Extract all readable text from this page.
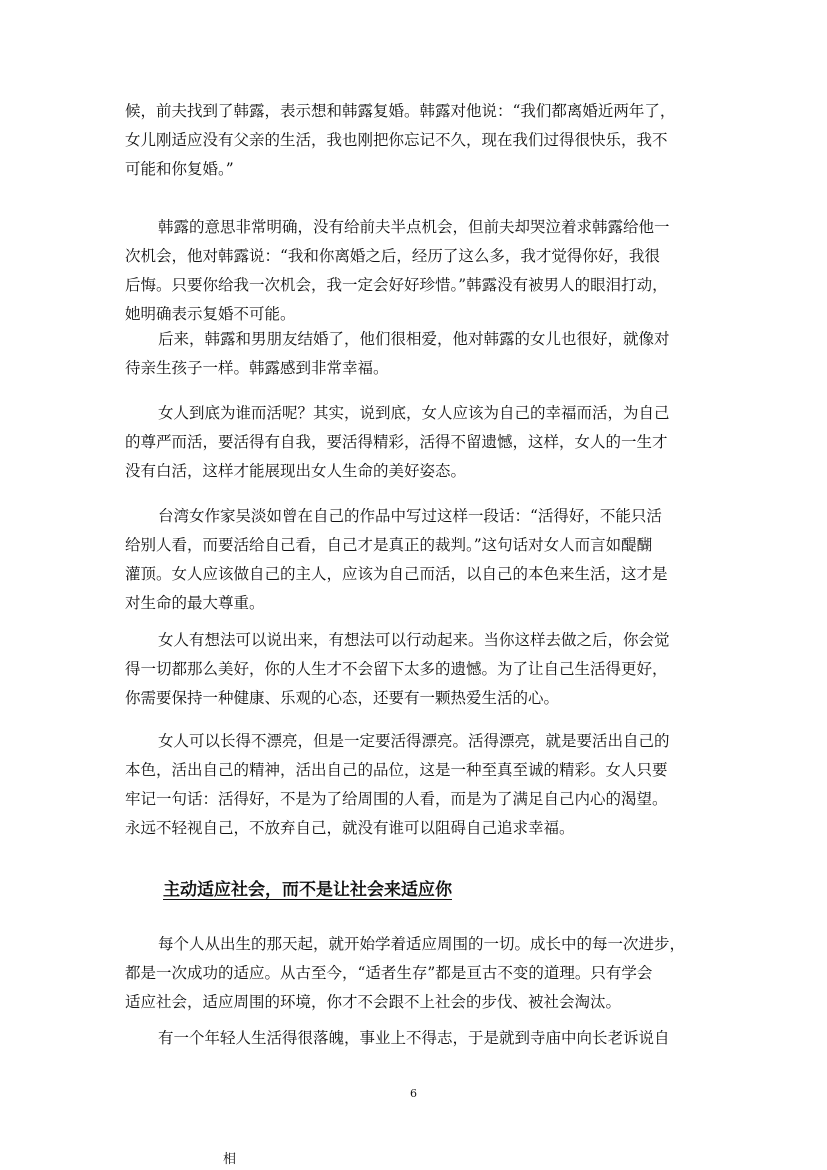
候，前夫找到了韩露，表示想和韩露复婚。韩露对他说：“我们都离婚近两年了，
女儿刚适应没有父亲的生活，我也刚把你忘记不久，现在我们过得很快乐，我不
可能和你复婚。”

韩露的意思非常明确，没有给前夫半点机会，但前夫却哭泣着求韩露给他一
次机会，他对韩露说：“我和你离婚之后，经历了这么多，我才觉得你好，我很
后悔。只要你给我一次机会，我一定会好好珍惜。”韩露没有被男人的眼泪打动，
她明确表示复婚不可能。

后来，韩露和男朋友结婚了，他们很相爱，他对韩露的女儿也很好，就像对
待亲生孩子一样。韩露感到非常幸福。

女人到底为谁而活呢？其实，说到底，女人应该为自己的幸福而活，为自己
的尊严而活，要活得有自我，要活得精彩，活得不留遗憾，这样，女人的一生才
没有白活，这样才能展现出女人生命的美好姿态。

台湾女作家吴淡如曾在自己的作品中写过这样一段话：“活得好，不能只活
给别人看，而要活给自己看，自己才是真正的裁判。”这句话对女人而言如醍醐
灌顶。女人应该做自己的主人，应该为自己而活，以自己的本色来生活，这才是
对生命的最大尊重。

女人有想法可以说出来，有想法可以行动起来。当你这样去做之后，你会觉
得一切都那么美好，你的人生才不会留下太多的遗憾。为了让自己生活得更好，
你需要保持一种健康、乐观的心态，还要有一颗热爱生活的心。

女人可以长得不漂亮，但是一定要活得漂亮。活得漂亮，就是要活出自己的
本色，活出自己的精神，活出自己的品位，这是一种至真至诚的精彩。女人只要
牢记一句话：活得好，不是为了给周围的人看，而是为了满足自己内心的渴望。
永远不轻视自己，不放弃自己，就没有谁可以阻碍自己追求幸福。

主动适应社会，而不是让社会来适应你

每个人从出生的那天起，就开始学着适应周围的一切。成长中的每一次进步，
都是一次成功的适应。从古至今，“适者生存”都是亘古不变的道理。只有学会
适应社会，适应周围的环境，你才不会跟不上社会的步伐、被社会淘汰。

有一个年轻人生活得很落魄，事业上不得志，于是就到寺庙中向长老诉说自

6
相
